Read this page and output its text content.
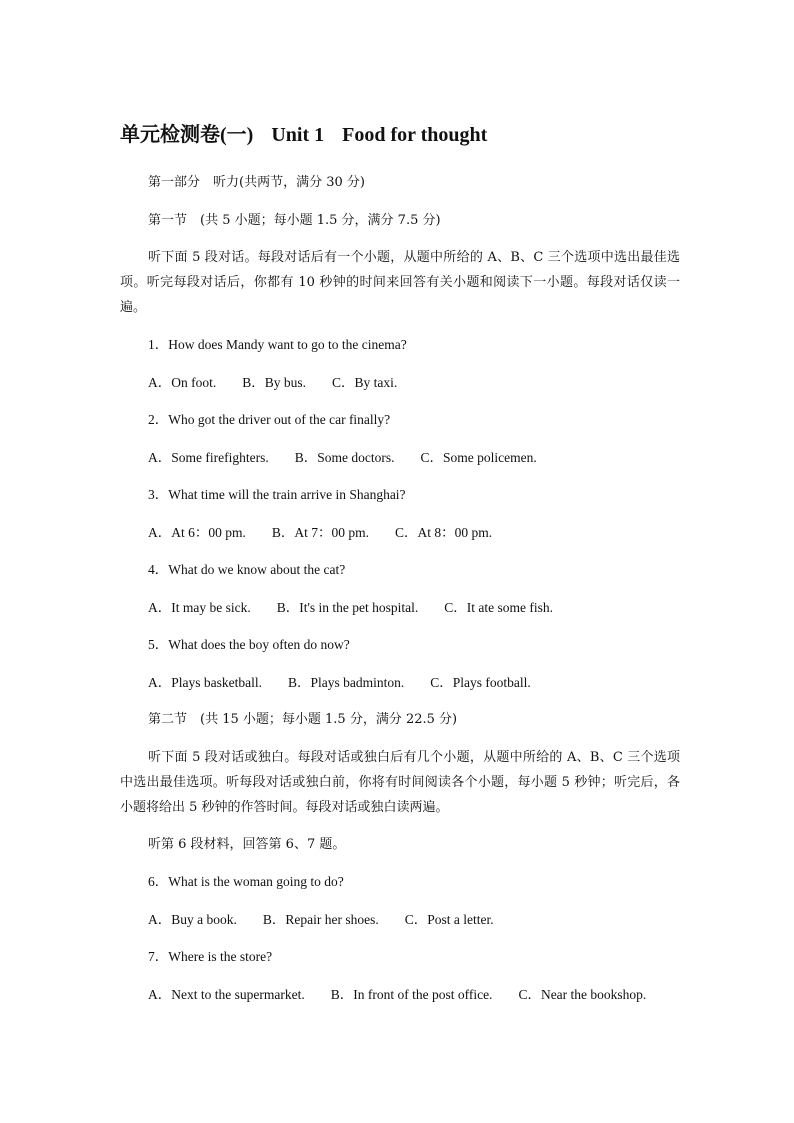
单元检测卷(一) Unit 1 Food for thought

第一部分　听力(共两节，满分 30 分)

第一节　(共 5 小题；每小题 1.5 分，满分 7.5 分)

听下面 5 段对话。每段对话后有一个小题，从题中所给的 A、B、C 三个选项中选出最佳选项。听完每段对话后，你都有 10 秒钟的时间来回答有关小题和阅读下一小题。每段对话仅读一遍。

1．How does Mandy want to go to the cinema?

A．On foot. B．By bus. C．By taxi.

2．Who got the driver out of the car finally?

A．Some firefighters. B．Some doctors. C．Some policemen.

3．What time will the train arrive in Shanghai?

A．At 6：00 pm. B．At 7：00 pm. C．At 8：00 pm.

4．What do we know about the cat?

A．It may be sick. B．It's in the pet hospital. C．It ate some fish.

5．What does the boy often do now?

A．Plays basketball. B．Plays badminton. C．Plays football.

第二节　(共 15 小题；每小题 1.5 分，满分 22.5 分)

听下面 5 段对话或独白。每段对话或独白后有几个小题，从题中所给的 A、B、C 三个选项中选出最佳选项。听每段对话或独白前，你将有时间阅读各个小题，每小题 5 秒钟；听完后，各小题将给出 5 秒钟的作答时间。每段对话或独白读两遍。

听第 6 段材料，回答第 6、7 题。

6．What is the woman going to do?

A．Buy a book. B．Repair her shoes. C．Post a letter.

7．Where is the store?

A．Next to the supermarket. B．In front of the post office. C．Near the bookshop.
